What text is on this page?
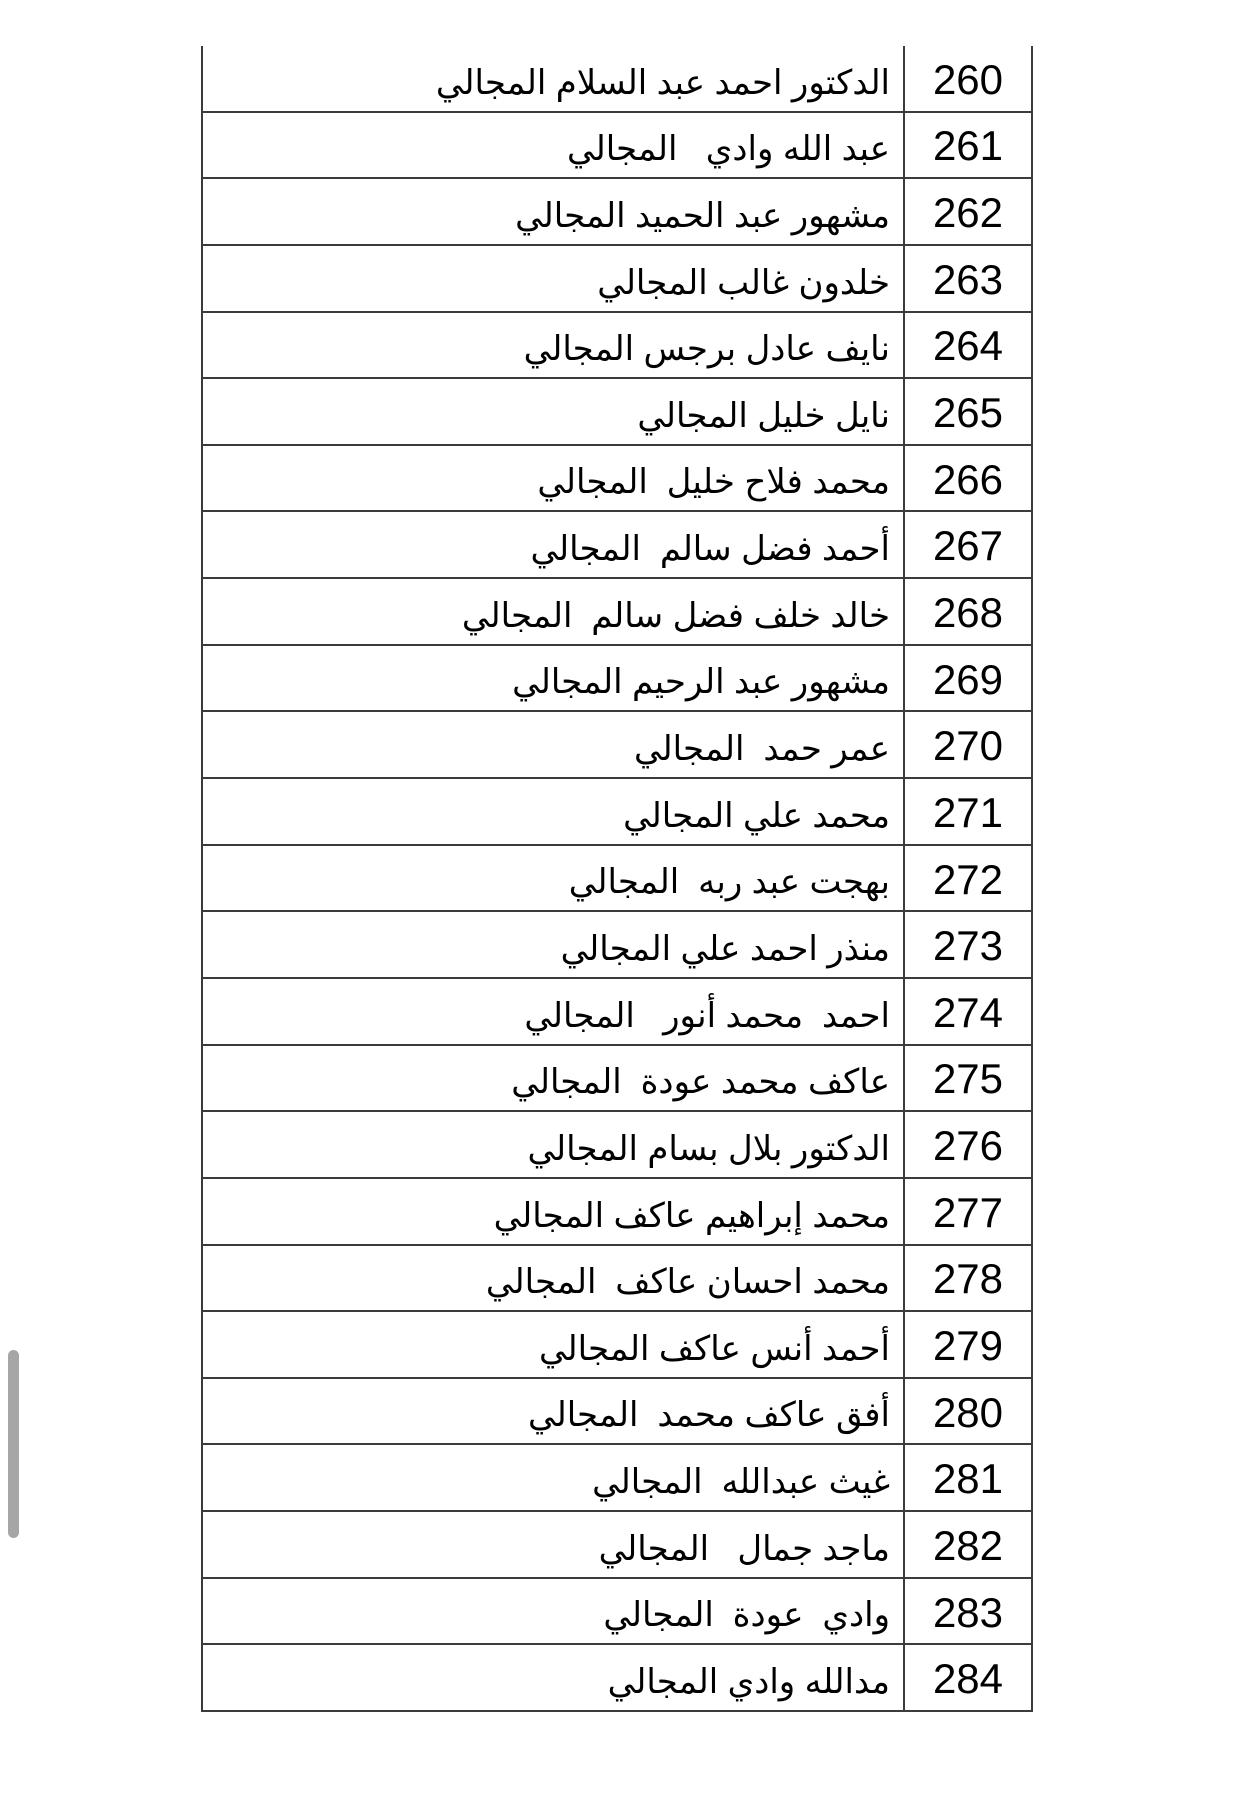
الدكتور احمد عبد السلام المجالي 260
عبد الله وادي   المجالي 261
مشهور عبد الحميد المجالي 262
خلدون غالب المجالي 263
نايف عادل برجس المجالي 264
نايل خليل المجالي 265
محمد فلاح خليل  المجالي 266
أحمد فضل سالم  المجالي 267
خالد خلف فضل سالم  المجالي 268
مشهور عبد الرحيم المجالي 269
عمر حمد  المجالي 270
محمد علي المجالي 271
بهجت عبد ربه  المجالي 272
منذر احمد علي المجالي 273
احمد  محمد أنور   المجالي 274
عاكف محمد عودة  المجالي 275
الدكتور بلال بسام المجالي 276
محمد إبراهيم عاكف المجالي 277
محمد احسان عاكف  المجالي 278
أحمد أنس عاكف المجالي 279
أفق عاكف محمد  المجالي 280
غيث عبدالله  المجالي 281
ماجد جمال   المجالي 282
وادي  عودة  المجالي 283
مدالله وادي المجالي 284
